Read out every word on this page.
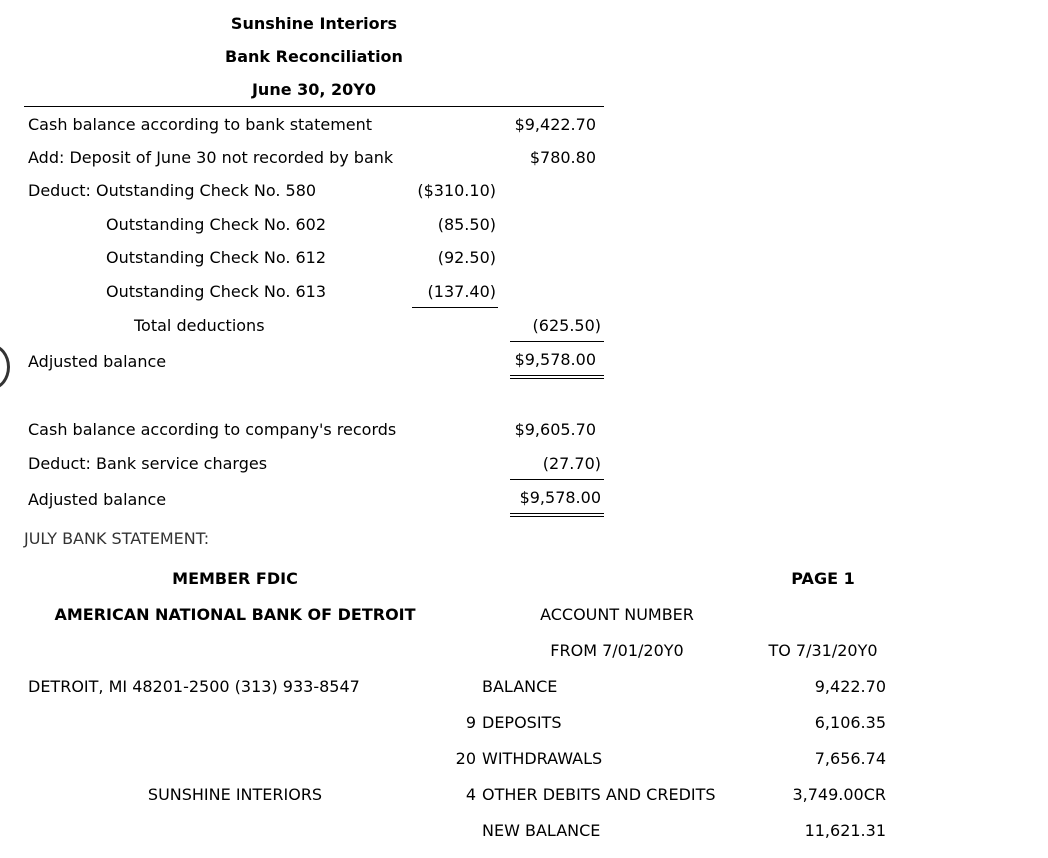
Sunshine Interiors
Bank Reconciliation
June 30, 20Y0
Cash balance according to bank statement	$9,422.70
Add: Deposit of June 30 not recorded by bank	$780.80
Deduct: Outstanding Check No. 580	($310.10)
Outstanding Check No. 602	(85.50)
Outstanding Check No. 612	(92.50)
Outstanding Check No. 613	(137.40)
Total deductions	(625.50)
Adjusted balance	$9,578.00
Cash balance according to company's records	$9,605.70
Deduct: Bank service charges	(27.70)
Adjusted balance	$9,578.00
JULY BANK STATEMENT:
MEMBER FDIC	PAGE 1
AMERICAN NATIONAL BANK OF DETROIT	ACCOUNT NUMBER
FROM 7/01/20Y0	TO 7/31/20Y0
DETROIT, MI 48201-2500 (313) 933-8547	BALANCE	9,422.70
9 DEPOSITS	6,106.35
20 WITHDRAWALS	7,656.74
SUNSHINE INTERIORS	4 OTHER DEBITS AND CREDITS	3,749.00CR
NEW BALANCE	11,621.31
